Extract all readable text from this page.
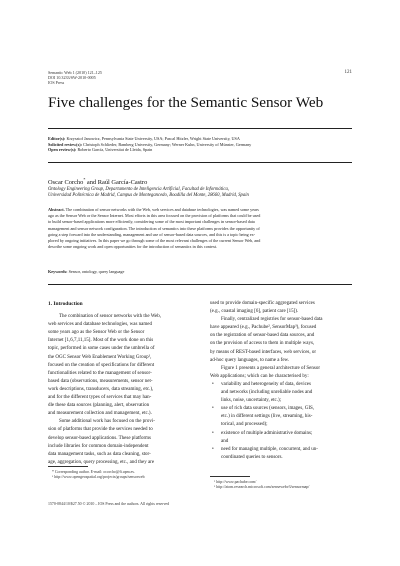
Semantic Web 1 (2010) 121–125
DOI 10.3233/SW-2010-0005
IOS Press
121
Five challenges for the Semantic Sensor Web
Editor(s): Krzysztof Janowicz, Pennsylvania State University, USA; Pascal Hitzler, Wright State University, USA
Solicited review(s): Christoph Schlieder, Bamberg University, Germany; Werner Kuhn, University of Münster, Germany
Open review(s): Roberto García, Universitat de Lleida, Spain
Oscar Corcho* and Raúl García-Castro
Ontology Engineering Group, Departamento de Inteligencia Artificial, Facultad de Informática,
Universidad Politécnica de Madrid, Campus de Montegancedo, Boadilla del Monte, 28660, Madrid, Spain
Abstract. The combination of sensor networks with the Web, web services and database technologies, was named some years
ago as the Sensor Web or the Sensor Internet. Most efforts in this area focused on the provision of platforms that could be used
to build sensor-based applications more efficiently, considering some of the most important challenges in sensor-based data
management and sensor network configuration. The introduction of semantics into these platforms provides the opportunity of
going a step forward into the understanding, management and use of sensor-based data sources, and this is a topic being ex-
plored by ongoing initiatives. In this paper we go through some of the most relevant challenges of the current Sensor Web, and
describe some ongoing work and open opportunities for the introduction of semantics in this context.
Keywords: Sensor, ontology, query language
1. Introduction
The combination of sensor networks with the Web,
web services and database technologies, was named
some years ago as the Sensor Web or the Sensor
Internet [1,6,7,11,15]. Most of the work done on this
topic, performed in some cases under the umbrella of
the OGC Sensor Web Enablement Working Group¹,
focused on the creation of specifications for different
functionalities related to the management of sensor-
based data (observations, measurements, sensor net-
work descriptions, transducers, data streaming, etc.),
and for the different types of services that may han-
dle these data sources (planning, alert, observation
and measurement collection and management, etc.).
Some additional work has focused on the provi-
sion of platforms that provide the services needed to
develop sensor-based applications. These platforms
include libraries for common domain-independent
data management tasks, such as data cleaning, stor-
age, aggregation, query processing, etc., and they are
* Corresponding author. E-mail: ocorcho@fi.upm.es.
¹ http://www.opengeospatial.org/projects/groups/sensorweb
used to provide domain-specific aggregated services
(e.g., coastal imaging [6], patient care [15]).
Finally, centralized registries for sensor-based data
have appeared (e.g., Pachube², SensorMap³), focused
on the registration of sensor-based data sources, and
on the provision of access to them in multiple ways,
by means of REST-based interfaces, web services, or
ad-hoc query languages, to name a few.
Figure 1 presents a general architecture of Sensor
Web applications; which can be characterised by:
• variability and heterogeneity of data, devices
and networks (including unreliable nodes and
links, noise, uncertainty, etc.);
• use of rich data sources (sensors, images, GIS,
etc.) in different settings (live, streaming, his-
torical, and processed);
• existence of multiple administrative domains;
and
• need for managing multiple, concurrent, and un-
coordinated queries to sensors.
² http://www.pachube.com/
³ http://atom.research.microsoft.com/sensewebv3/sensormap/
1570-0844/10/$27.50 © 2010 – IOS Press and the authors. All rights reserved
